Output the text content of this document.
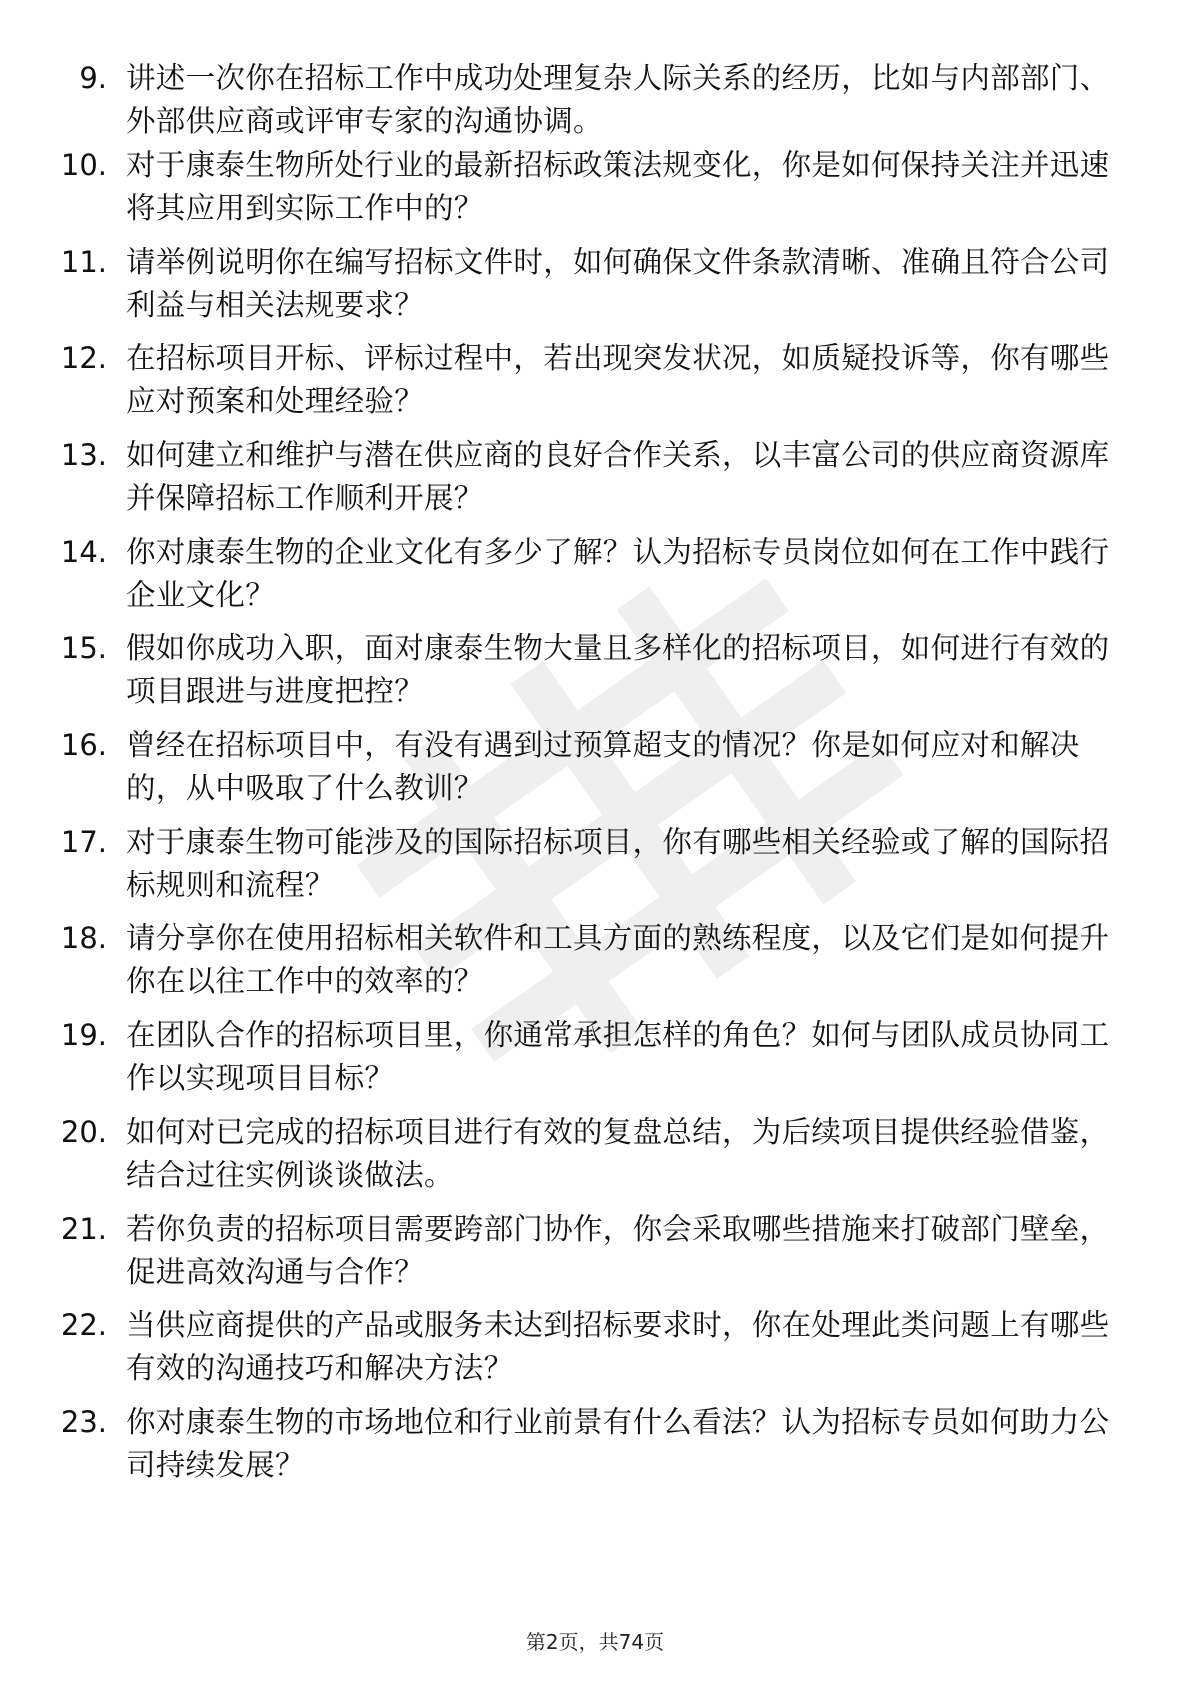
9. 讲述一次你在招标工作中成功处理复杂人际关系的经历，比如与内部部门、外部供应商或评审专家的沟通协调。
10. 对于康泰生物所处行业的最新招标政策法规变化，你是如何保持关注并迅速将其应用到实际工作中的？
11. 请举例说明你在编写招标文件时，如何确保文件条款清晰、准确且符合公司利益与相关法规要求？
12. 在招标项目开标、评标过程中，若出现突发状况，如质疑投诉等，你有哪些应对预案和处理经验？
13. 如何建立和维护与潜在供应商的良好合作关系，以丰富公司的供应商资源库并保障招标工作顺利开展？
14. 你对康泰生物的企业文化有多少了解？认为招标专员岗位如何在工作中践行企业文化？
15. 假如你成功入职，面对康泰生物大量且多样化的招标项目，如何进行有效的项目跟进与进度把控？
16. 曾经在招标项目中，有没有遇到过预算超支的情况？你是如何应对和解决的，从中吸取了什么教训？
17. 对于康泰生物可能涉及的国际招标项目，你有哪些相关经验或了解的国际招标规则和流程？
18. 请分享你在使用招标相关软件和工具方面的熟练程度，以及它们是如何提升你在以往工作中的效率的？
19. 在团队合作的招标项目里，你通常承担怎样的角色？如何与团队成员协同工作以实现项目目标？
20. 如何对已完成的招标项目进行有效的复盘总结，为后续项目提供经验借鉴，结合过往实例谈谈做法。
21. 若你负责的招标项目需要跨部门协作，你会采取哪些措施来打破部门壁垒，促进高效沟通与合作？
22. 当供应商提供的产品或服务未达到招标要求时，你在处理此类问题上有哪些有效的沟通技巧和解决方法？
23. 你对康泰生物的市场地位和行业前景有什么看法？认为招标专员如何助力公司持续发展？
第2页，共74页
